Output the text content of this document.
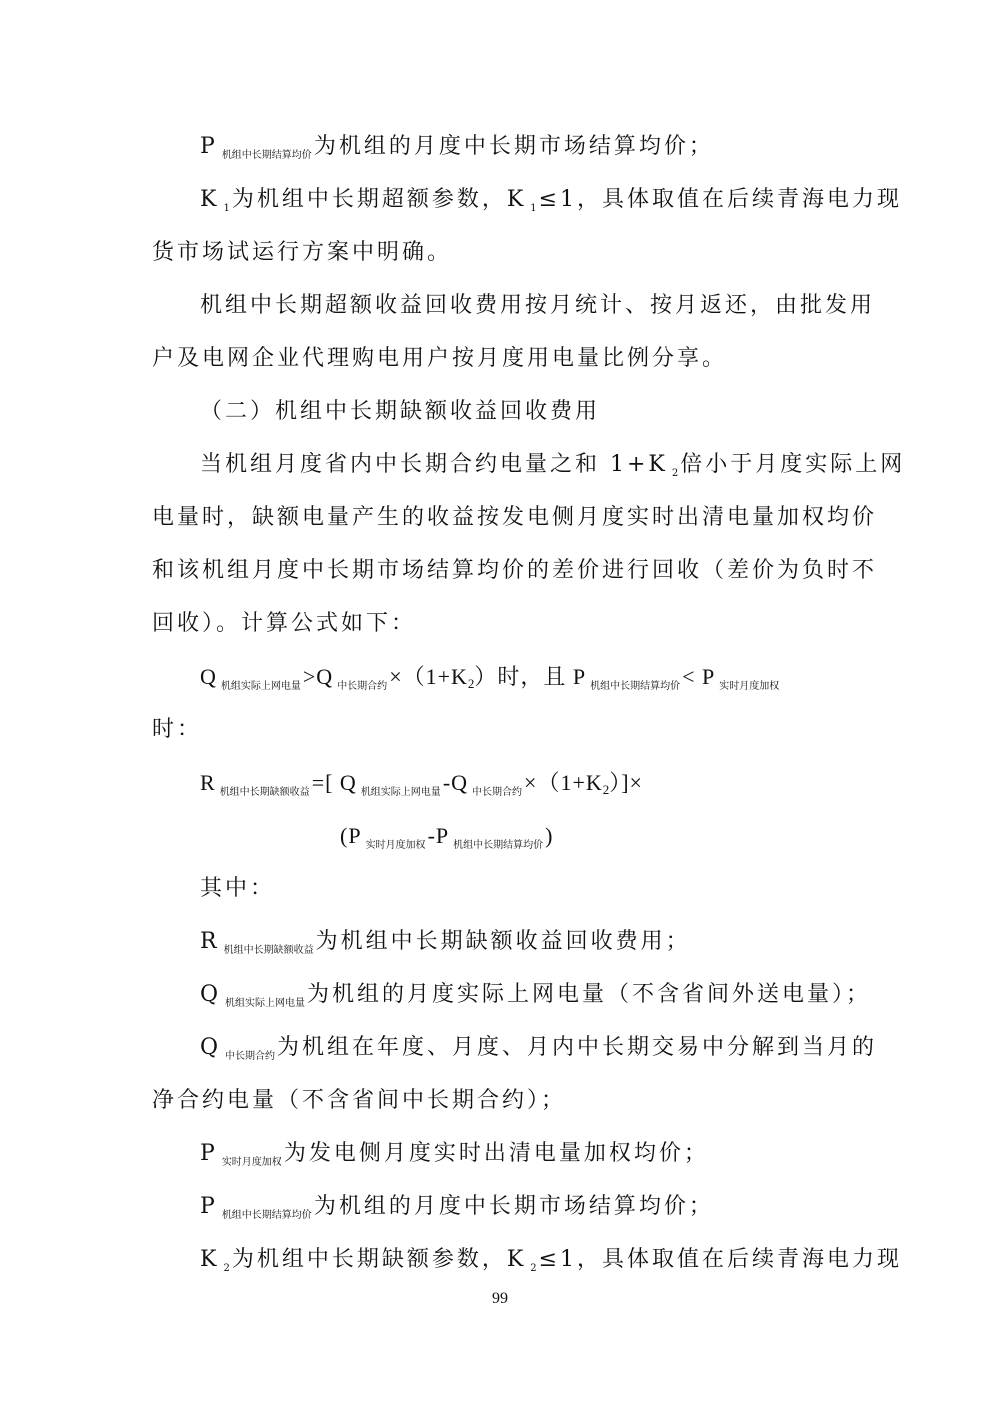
P $_{机组中长期结算均价}$为机组的月度中长期市场结算均价；
K $_1$为机组中长期超额参数，K $_1$≤1，具体取值在后续青海电力现
货市场试运行方案中明确。
机组中长期超额收益回收费用按月统计、按月返还，由批发用
户及电网企业代理购电用户按月度用电量比例分享。
（二）机组中长期缺额收益回收费用
当机组月度省内中长期合约电量之和 1+K $_2$倍小于月度实际上网
电量时，缺额电量产生的收益按发电侧月度实时出清电量加权均价
和该机组月度中长期市场结算均价的差价进行回收（差价为负时不
回收）。计算公式如下：
Q $_{机组实际上网电量}$>Q $_{中长期合约}$×（1+K2）时，且 P $_{机组中长期结算均价}$< P $_{实时月度加权}$
时：
R $_{机组中长期缺额收益}$=[ Q $_{机组实际上网电量}$-Q $_{中长期合约}$×（1+K2）]×
(P $_{实时月度加权}$-P $_{机组中长期结算均价}$)
其中：
R $_{机组中长期缺额收益}$为机组中长期缺额收益回收费用；
Q $_{机组实际上网电量}$为机组的月度实际上网电量（不含省间外送电量）；
Q $_{中长期合约}$为机组在年度、月度、月内中长期交易中分解到当月的
净合约电量（不含省间中长期合约）；
P $_{实时月度加权}$为发电侧月度实时出清电量加权均价；
P $_{机组中长期结算均价}$为机组的月度中长期市场结算均价；
K $_2$为机组中长期缺额参数，K $_2$≤1，具体取值在后续青海电力现
99
